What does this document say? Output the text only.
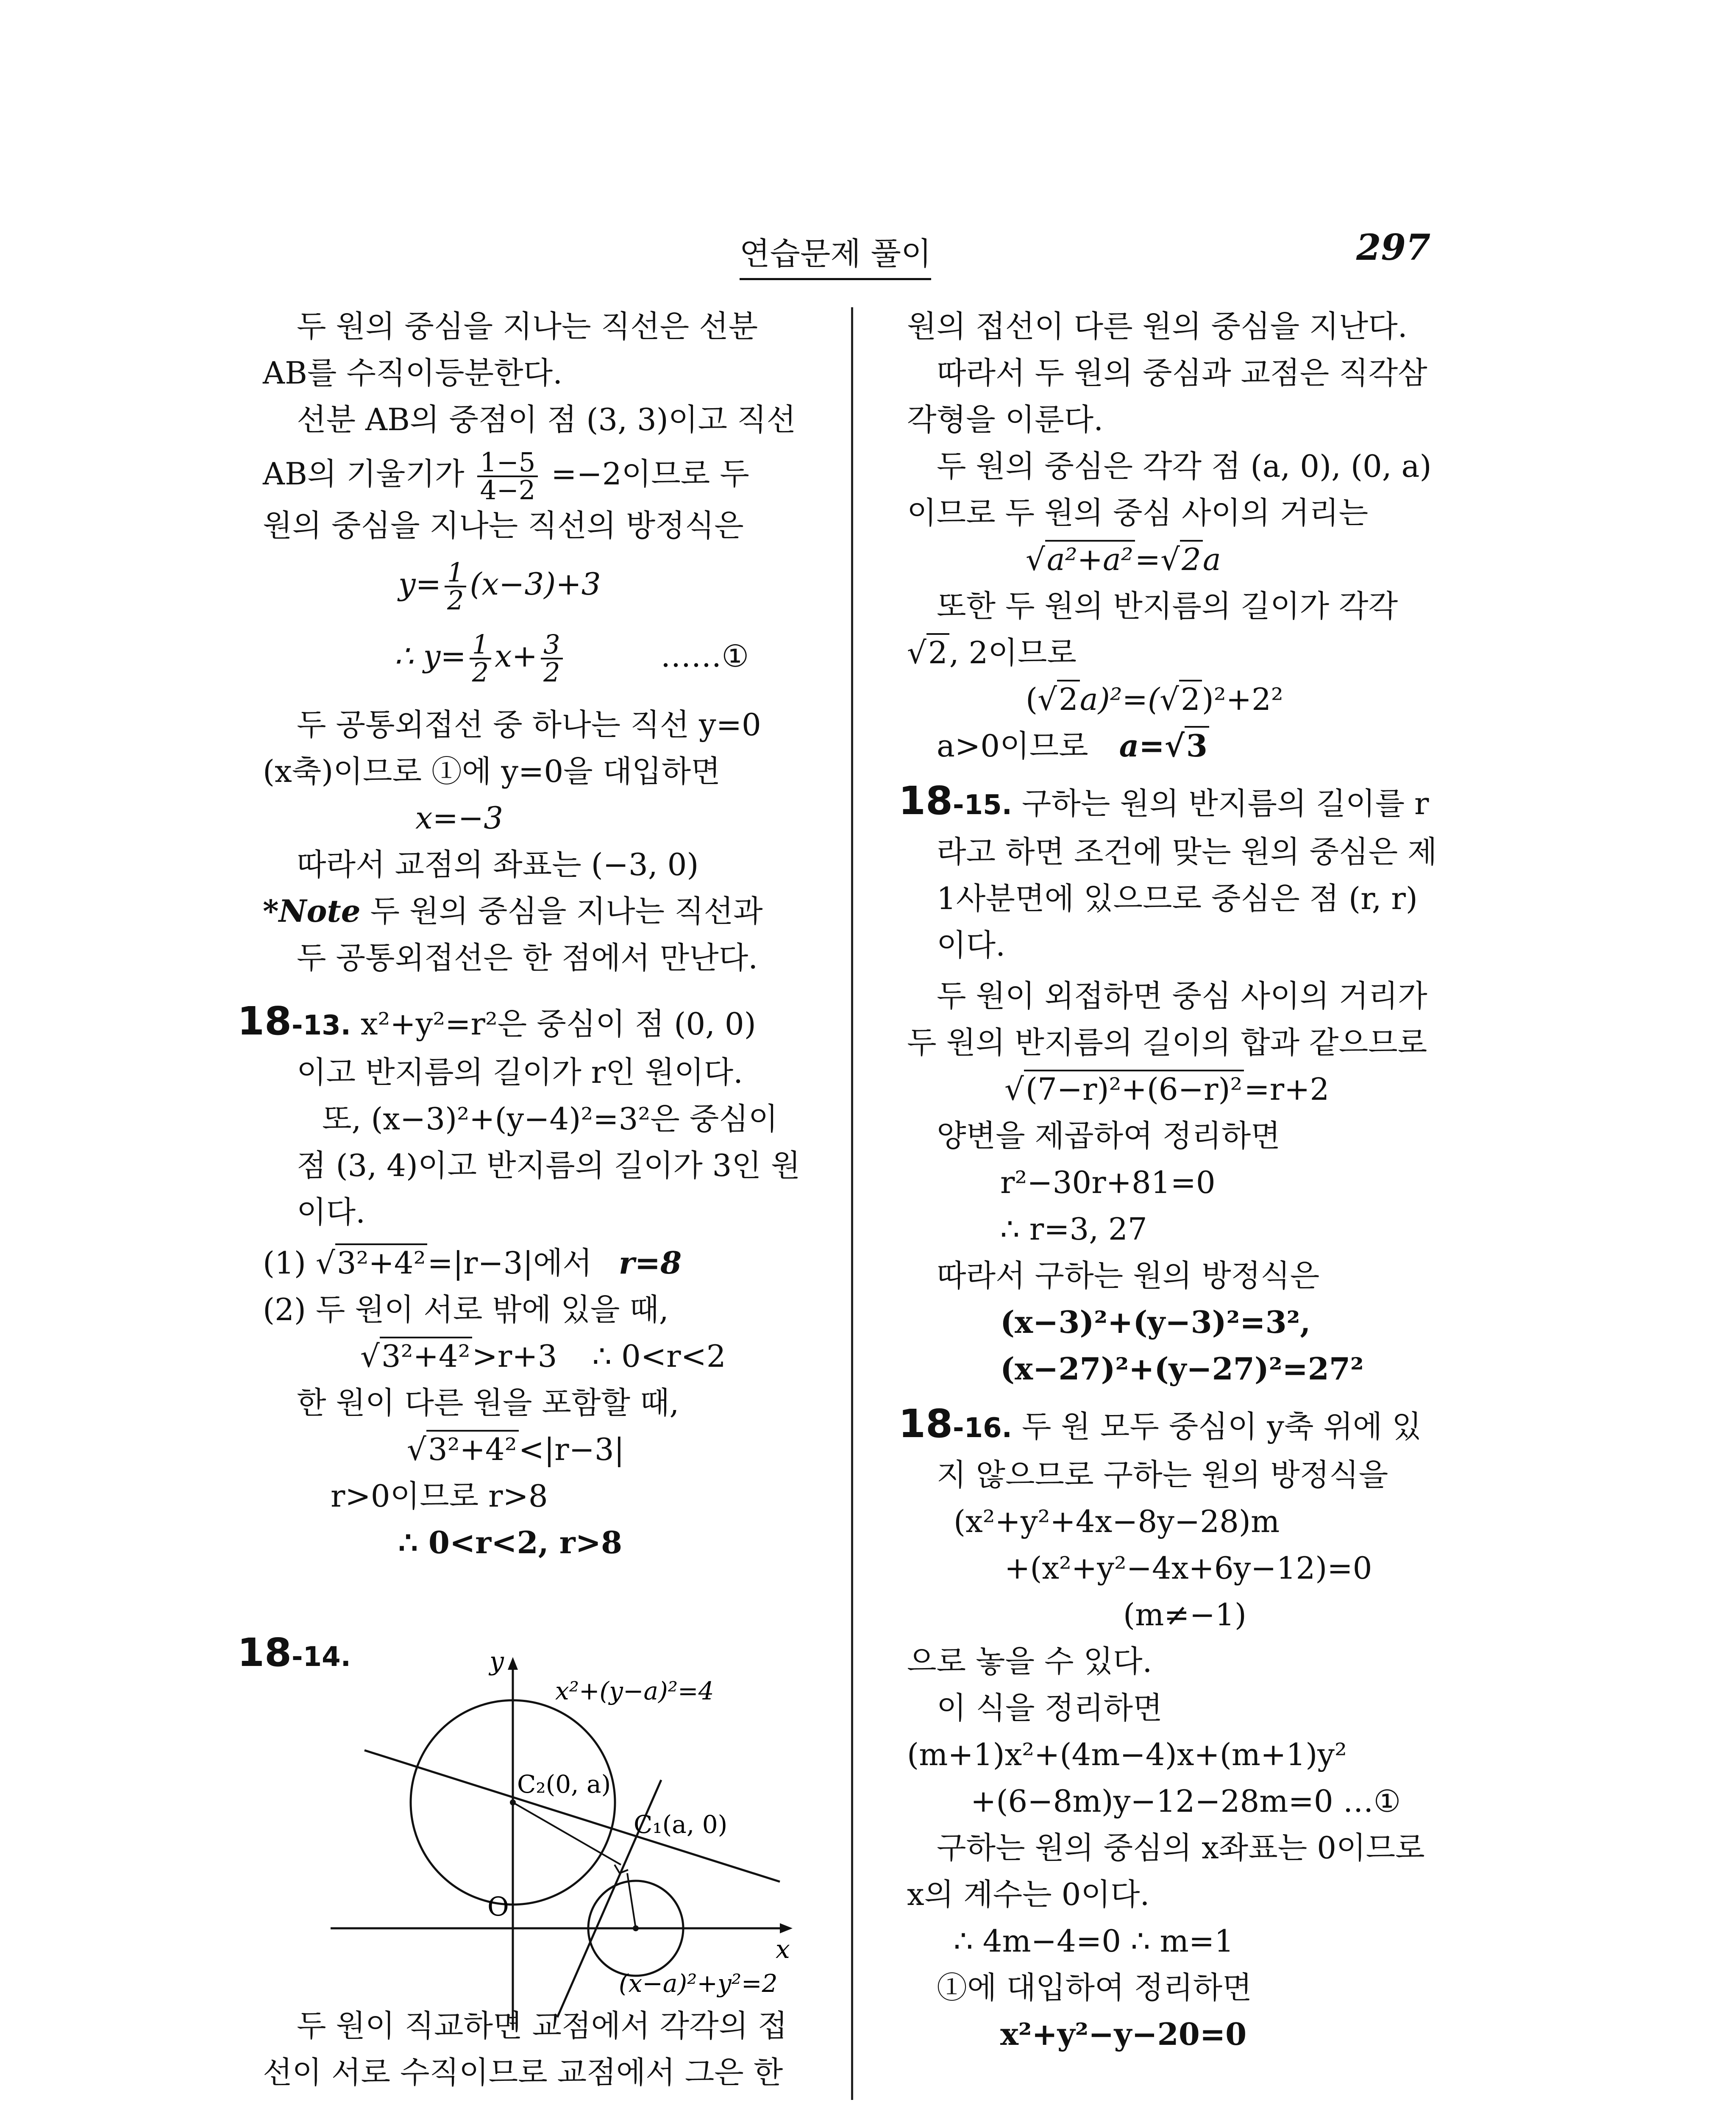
연습문제 풀이	297
두 원의 중심을 지나는 직선은 선분
AB를 수직이등분한다.
선분 AB의 중점이 점 (3, 3)이고 직선
AB의 기울기가 $\frac{1-5}{4-2} =-2$이므로 두
원의 중심을 지나는 직선의 방정식은
$y= \frac{1}{2} (x-3)+3$
∴ $y= \frac{1}{2} x+ \frac{3}{2}$	……①
두 공통외접선 중 하나는 직선 y=0
(x축)이므로 ①에 y=0을 대입하면
x=−3
따라서 교점의 좌표는 (−3, 0)
*Note 두 원의 중심을 지나는 직선과
두 공통외접선은 한 점에서 만난다.
18-13. x²+y²=r²은 중심이 점 (0, 0)
이고 반지름의 길이가 r인 원이다.
또, (x−3)²+(y−4)²=3²은 중심이
점 (3, 4)이고 반지름의 길이가 3인 원
이다.
(1) √3²+4²=|r−3|에서 r=8
(2) 두 원이 서로 밖에 있을 때,
√3²+4²>r+3 ∴ 0<r<2
한 원이 다른 원을 포함할 때,
√3²+4²<|r−3|
r>0이므로 r>8
∴ 0<r<2, r>8
18-14.
두 원이 직교하면 교점에서 각각의 접
선이 서로 수직이므로 교점에서 그은 한
y
x
O
x²+(y−a)²=4
C₂(0, a)
C₁(a, 0)
(x−a)²+y²=2
원의 접선이 다른 원의 중심을 지난다.
따라서 두 원의 중심과 교점은 직각삼
각형을 이룬다.
두 원의 중심은 각각 점 (a, 0), (0, a)
이므로 두 원의 중심 사이의 거리는
√a²+a²=√2a
또한 두 원의 반지름의 길이가 각각
√2, 2이므로
(√2a)²=(√2)²+2²
a>0이므로 a=√3
18-15. 구하는 원의 반지름의 길이를 r
라고 하면 조건에 맞는 원의 중심은 제
1사분면에 있으므로 중심은 점 (r, r)
이다.
두 원이 외접하면 중심 사이의 거리가
두 원의 반지름의 길이의 합과 같으므로
√(7−r)²+(6−r)²=r+2
양변을 제곱하여 정리하면
r²−30r+81=0
∴ r=3, 27
따라서 구하는 원의 방정식은
(x−3)²+(y−3)²=3²,
(x−27)²+(y−27)²=27²
18-16. 두 원 모두 중심이 y축 위에 있
지 않으므로 구하는 원의 방정식을
(x²+y²+4x−8y−28)m
+(x²+y²−4x+6y−12)=0
(m≠−1)
으로 놓을 수 있다.
이 식을 정리하면
(m+1)x²+(4m−4)x+(m+1)y²
+(6−8m)y−12−28m=0 …①
구하는 원의 중심의 x좌표는 0이므로
x의 계수는 0이다.
∴ 4m−4=0 ∴ m=1
①에 대입하여 정리하면
x²+y²−y−20=0
